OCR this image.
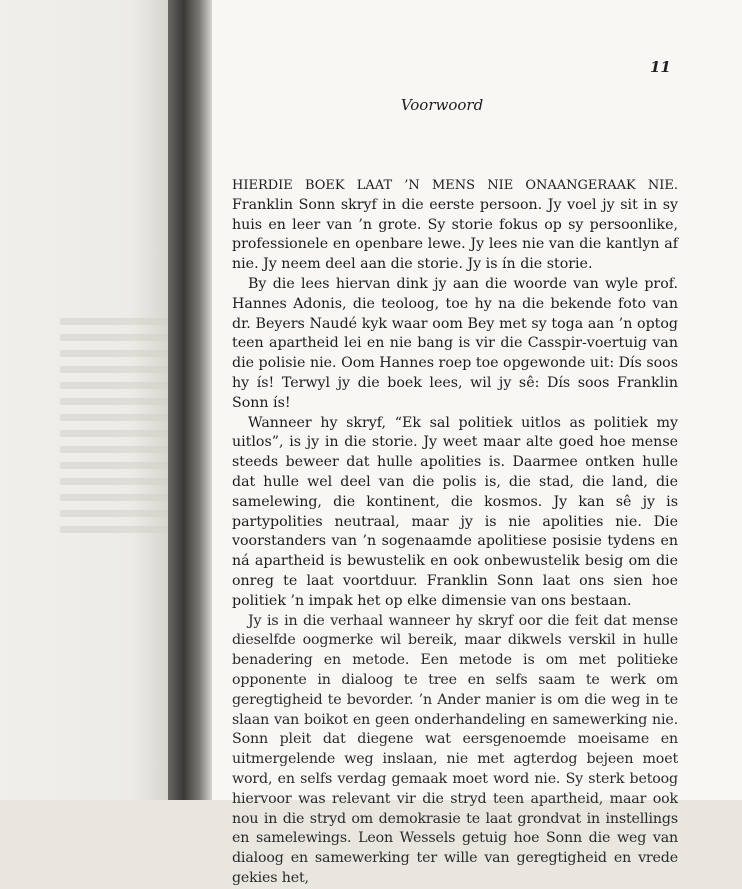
11
Voorwoord

HIERDIE BOEK LAAT ’N MENS NIE ONAANGERAAK NIE. Franklin Sonn skryf in die eerste persoon. Jy voel jy sit in sy huis en leer van ’n grote. Sy storie fokus op sy persoonlike, professionele en openbare lewe. Jy lees nie van die kantlyn af nie. Jy neem deel aan die storie. Jy is ín die storie.

By die lees hiervan dink jy aan die woorde van wyle prof. Hannes Adonis, die teoloog, toe hy na die bekende foto van dr. Beyers Naudé kyk waar oom Bey met sy toga aan ’n optog teen apartheid lei en nie bang is vir die Casspir-voertuig van die polisie nie. Oom Hannes roep toe opgewonde uit: Dís soos hy ís! Terwyl jy die boek lees, wil jy sê: Dís soos Franklin Sonn ís!

Wanneer hy skryf, “Ek sal politiek uitlos as politiek my uitlos”, is jy in die storie. Jy weet maar alte goed hoe mense steeds beweer dat hulle apolities is. Daarmee ontken hulle dat hulle wel deel van die polis is, die stad, die land, die samelewing, die kontinent, die kosmos. Jy kan sê jy is partypolities neutraal, maar jy is nie apolities nie. Die voorstanders van ’n sogenaamde apolitiese posisie tydens en ná apartheid is bewustelik en ook onbewustelik besig om die onreg te laat voortduur. Franklin Sonn laat ons sien hoe politiek ’n impak het op elke dimensie van ons bestaan.

Jy is in die verhaal wanneer hy skryf oor die feit dat mense dieselfde oogmerke wil bereik, maar dikwels verskil in hulle benadering en metode. Een metode is om met politieke opponente in dialoog te tree en selfs saam te werk om geregtigheid te bevorder. ’n Ander manier is om die weg in te slaan van boikot en geen onderhandeling en samewerking nie. Sonn pleit dat diegene wat eersgenoemde moeisame en uitmergelende weg inslaan, nie met agterdog bejeen moet word, en selfs verdag gemaak moet word nie. Sy sterk betoog hiervoor was relevant vir die stryd teen apartheid, maar ook nou in die stryd om demokrasie te laat grondvat in instellings en samelewings. Leon Wessels getuig hoe Sonn die weg van dialoog en samewerking ter wille van geregtigheid en vrede gekies het,
